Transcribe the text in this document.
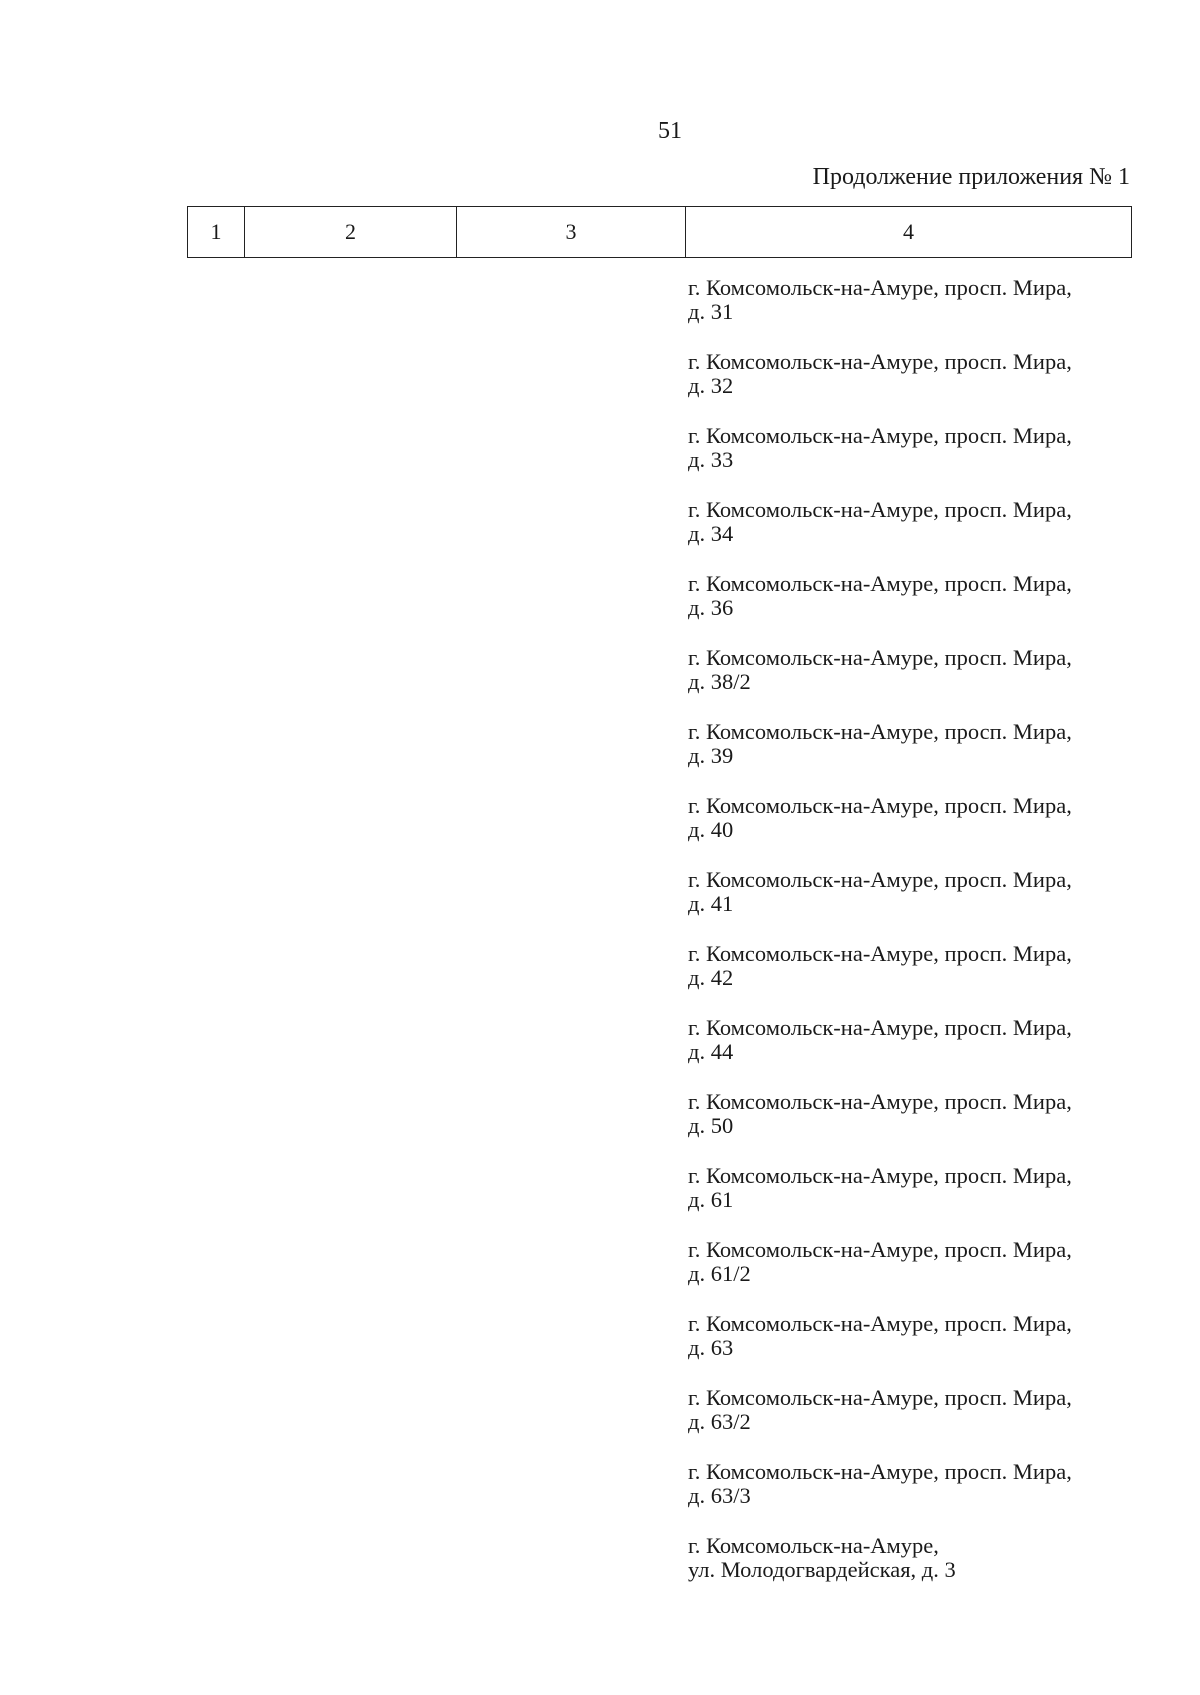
51
Продолжение приложения № 1
1	2	3	4
г. Комсомольск-на-Амуре, просп. Мира,
д. 31
г. Комсомольск-на-Амуре, просп. Мира,
д. 32
г. Комсомольск-на-Амуре, просп. Мира,
д. 33
г. Комсомольск-на-Амуре, просп. Мира,
д. 34
г. Комсомольск-на-Амуре, просп. Мира,
д. 36
г. Комсомольск-на-Амуре, просп. Мира,
д. 38/2
г. Комсомольск-на-Амуре, просп. Мира,
д. 39
г. Комсомольск-на-Амуре, просп. Мира,
д. 40
г. Комсомольск-на-Амуре, просп. Мира,
д. 41
г. Комсомольск-на-Амуре, просп. Мира,
д. 42
г. Комсомольск-на-Амуре, просп. Мира,
д. 44
г. Комсомольск-на-Амуре, просп. Мира,
д. 50
г. Комсомольск-на-Амуре, просп. Мира,
д. 61
г. Комсомольск-на-Амуре, просп. Мира,
д. 61/2
г. Комсомольск-на-Амуре, просп. Мира,
д. 63
г. Комсомольск-на-Амуре, просп. Мира,
д. 63/2
г. Комсомольск-на-Амуре, просп. Мира,
д. 63/3
г. Комсомольск-на-Амуре,
ул. Молодогвардейская, д. 3
